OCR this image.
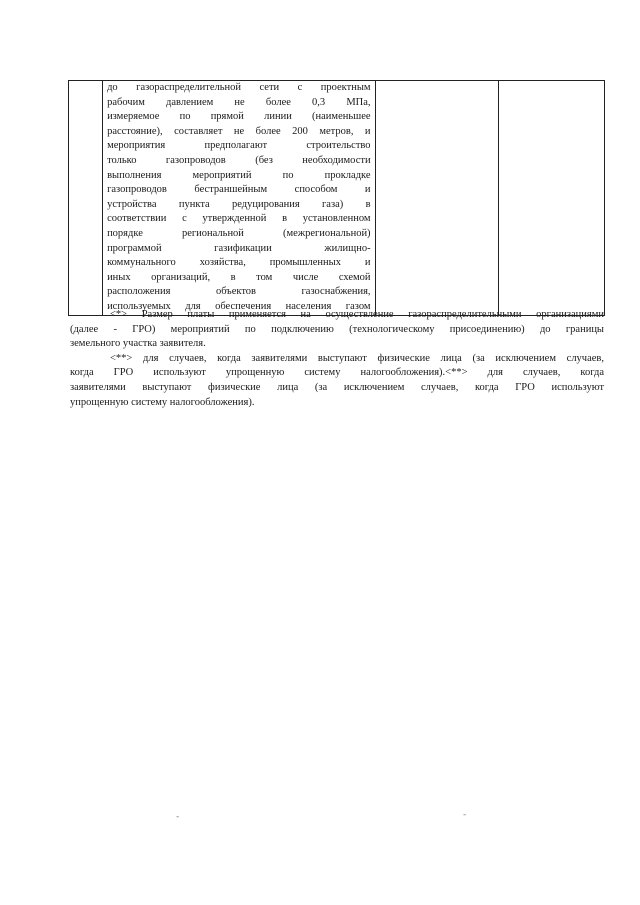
до газораспределительной сети с проектным
рабочим давлением не более 0,3 МПа,
измеряемое по прямой линии (наименьшее
расстояние), составляет не более 200 метров, и
мероприятия предполагают строительство
только газопроводов (без необходимости
выполнения мероприятий по прокладке
газопроводов бестраншейным способом и
устройства пункта редуцирования газа) в
соответствии с утвержденной в установленном
порядке региональной (межрегиональной)
программой газификации жилищно-
коммунального хозяйства, промышленных и
иных организаций, в том числе схемой
расположения объектов газоснабжения,
используемых для обеспечения населения газом

<*> Размер платы применяется на осуществление газораспределительными организациями
(далее - ГРО) мероприятий по подключению (технологическому присоединению) до границы
земельного участка заявителя.

<**> для случаев, когда заявителями выступают физические лица (за исключением случаев,
когда ГРО используют упрощенную систему налогообложения).<**> для случаев, когда
заявителями выступают физические лица (за исключением случаев, когда ГРО используют
упрощенную систему налогообложения).

-	-
